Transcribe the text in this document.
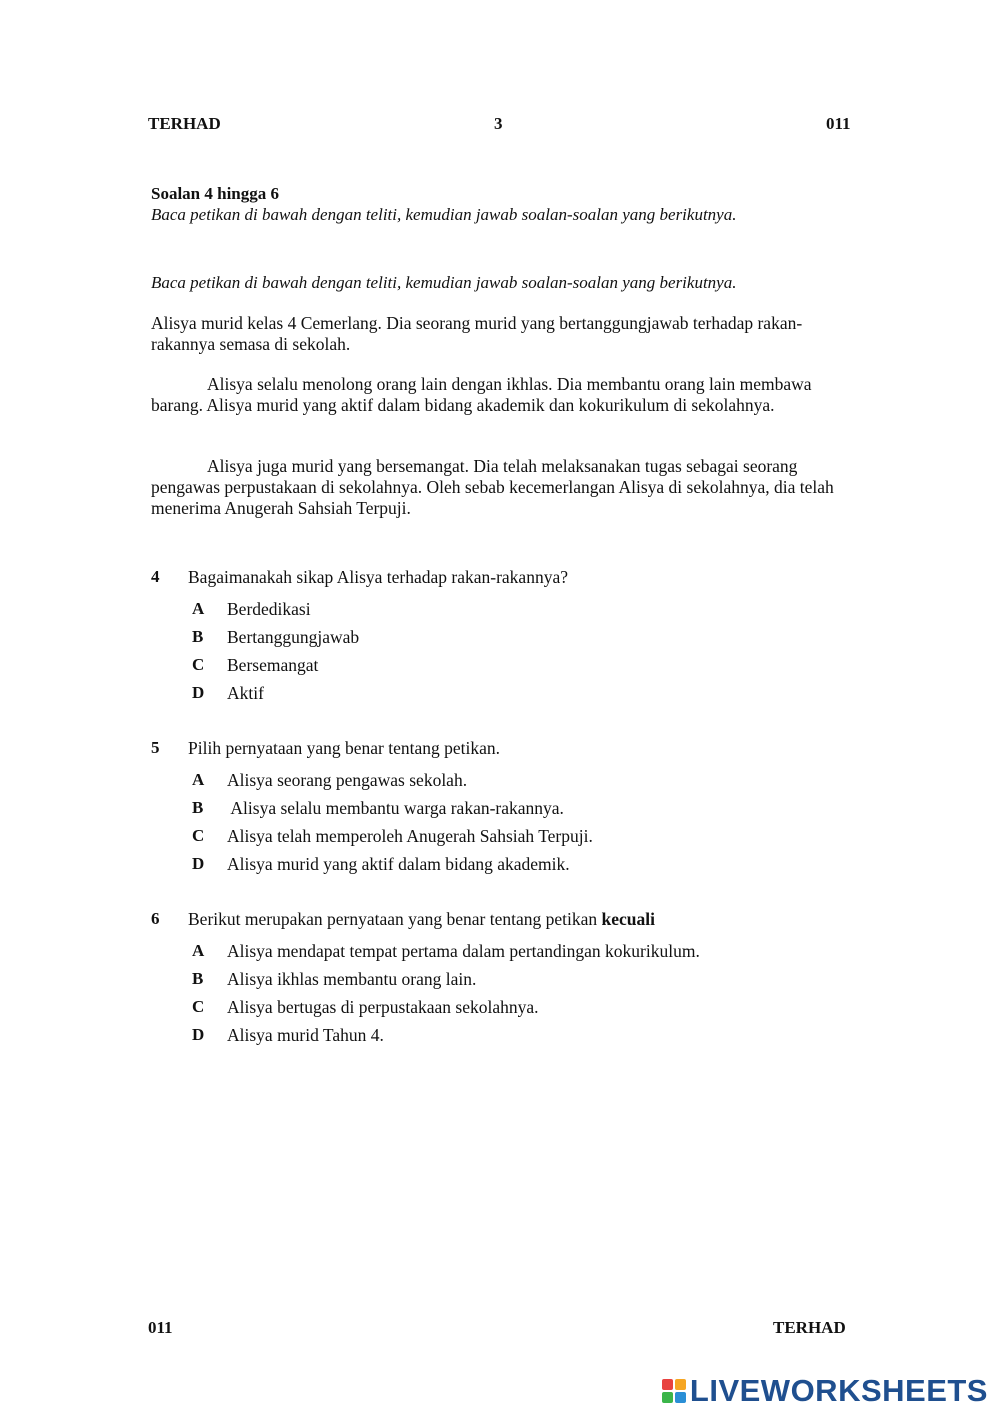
TERHAD	3	011
Soalan 4 hingga 6
Baca petikan di bawah dengan teliti, kemudian jawab soalan-soalan yang berikutnya.
Baca petikan di bawah dengan teliti, kemudian jawab soalan-soalan yang berikutnya.

Alisya murid kelas 4 Cemerlang. Dia seorang murid yang bertanggungjawab terhadap rakan-rakannya semasa di sekolah.

Alisya selalu menolong orang lain dengan ikhlas. Dia membantu orang lain membawa barang. Alisya murid yang aktif dalam bidang akademik dan kokurikulum di sekolahnya.

Alisya juga murid yang bersemangat. Dia telah melaksanakan tugas sebagai seorang pengawas perpustakaan di sekolahnya. Oleh sebab kecemerlangan Alisya di sekolahnya, dia telah menerima Anugerah Sahsiah Terpuji.

4 Bagaimanakah sikap Alisya terhadap rakan-rakannya?
A Berdedikasi
B Bertanggungjawab
C Bersemangat
D Aktif
5 Pilih pernyataan yang benar tentang petikan.
A Alisya seorang pengawas sekolah.
B Alisya selalu membantu warga rakan-rakannya.
C Alisya telah memperoleh Anugerah Sahsiah Terpuji.
D Alisya murid yang aktif dalam bidang akademik.
6 Berikut merupakan pernyataan yang benar tentang petikan kecuali
A Alisya mendapat tempat pertama dalam pertandingan kokurikulum.
B Alisya ikhlas membantu orang lain.
C Alisya bertugas di perpustakaan sekolahnya.
D Alisya murid Tahun 4.
011	TERHAD
LIVEWORKSHEETS
